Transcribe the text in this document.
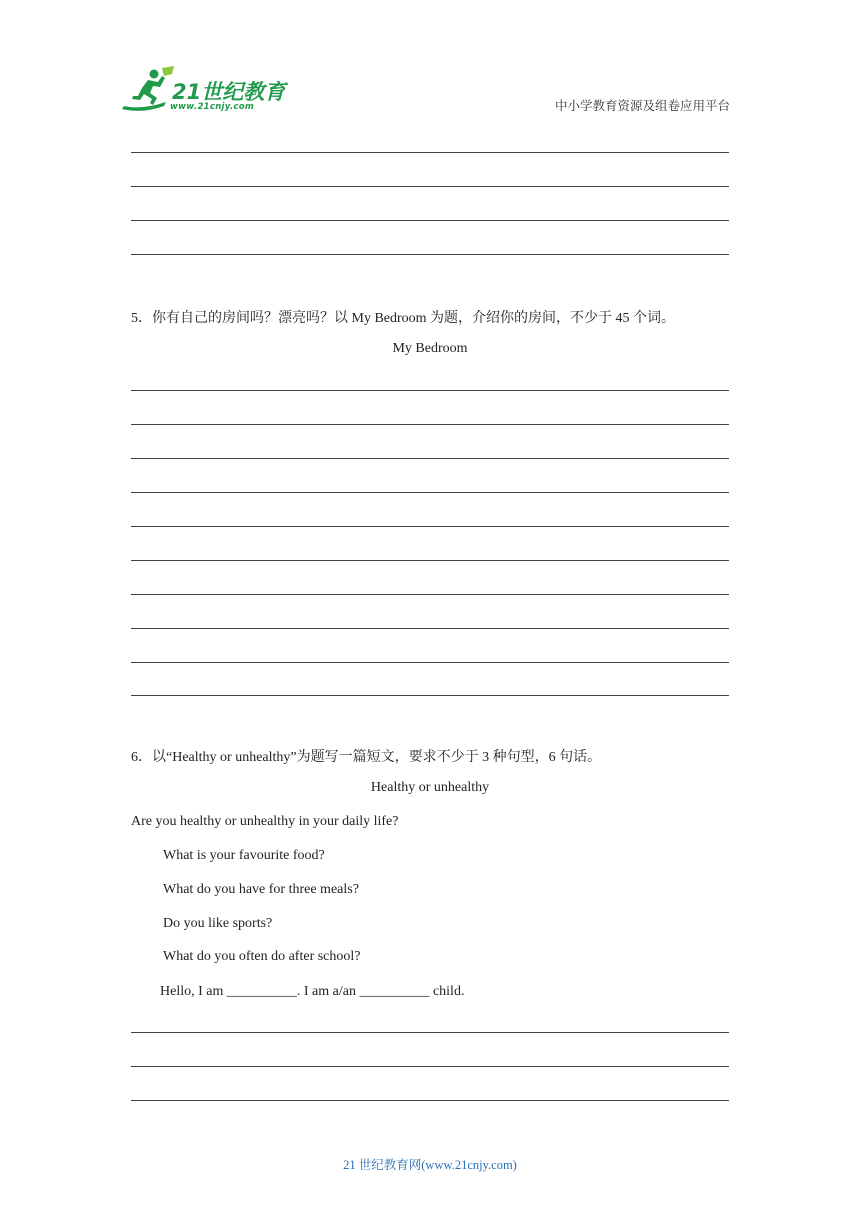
21世纪教育
www.21cnjy.com	中小学教育资源及组卷应用平台
5．你有自己的房间吗？漂亮吗？以 My Bedroom 为题，介绍你的房间，不少于 45 个词。
My Bedroom
6．以“Healthy or unhealthy”为题写一篇短文，要求不少于 3 种句型，6 句话。
Healthy or unhealthy
Are you healthy or unhealthy in your daily life?
What is your favourite food?
What do you have for three meals?
Do you like sports?
What do you often do after school?
Hello, I am __________. I am a/an __________ child.
21 世纪教育网(www.21cnjy.com)
